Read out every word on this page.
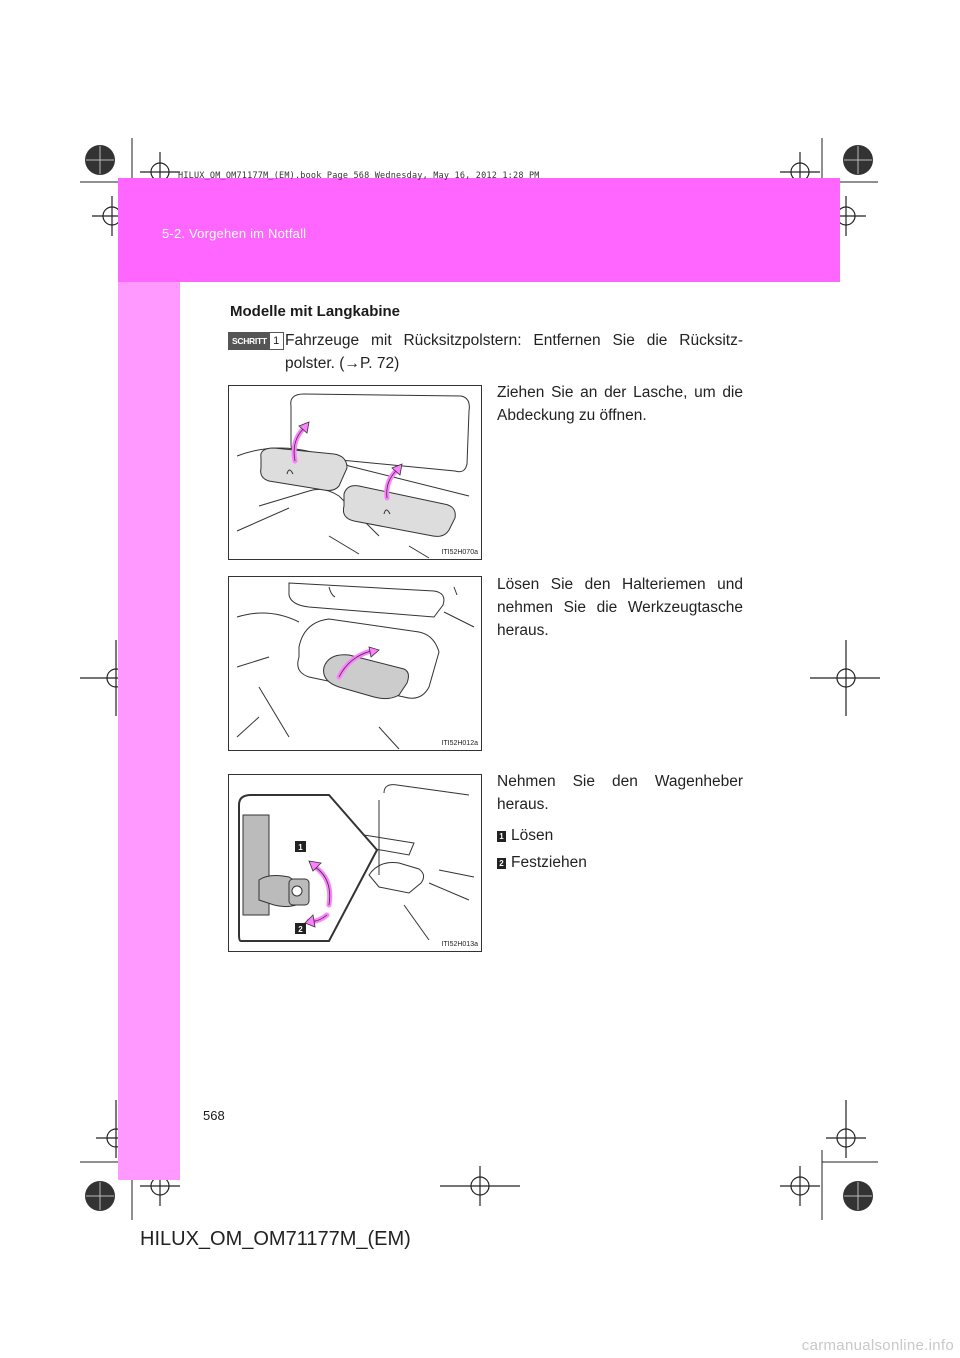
5-2. Vorgehen im Notfall
HILUX_OM_OM71177M_(EM).book Page 568 Wednesday, May 16, 2012 1:28 PM
Modelle mit Langkabine
SCHRITT 1 Fahrzeuge mit Rücksitzpolstern: Entfernen Sie die Rücksitz-polster. (→P. 72)
ITI52H070a
Ziehen Sie an der Lasche, um die Abdeckung zu öffnen.
ITI52H012a
Lösen Sie den Halteriemen und nehmen Sie die Werkzeugtasche heraus.
1
2
ITI52H013a
Nehmen Sie den Wagenheber heraus.
1 Lösen
2 Festziehen
568
HILUX_OM_OM71177M_(EM)
carmanualsonline.info
